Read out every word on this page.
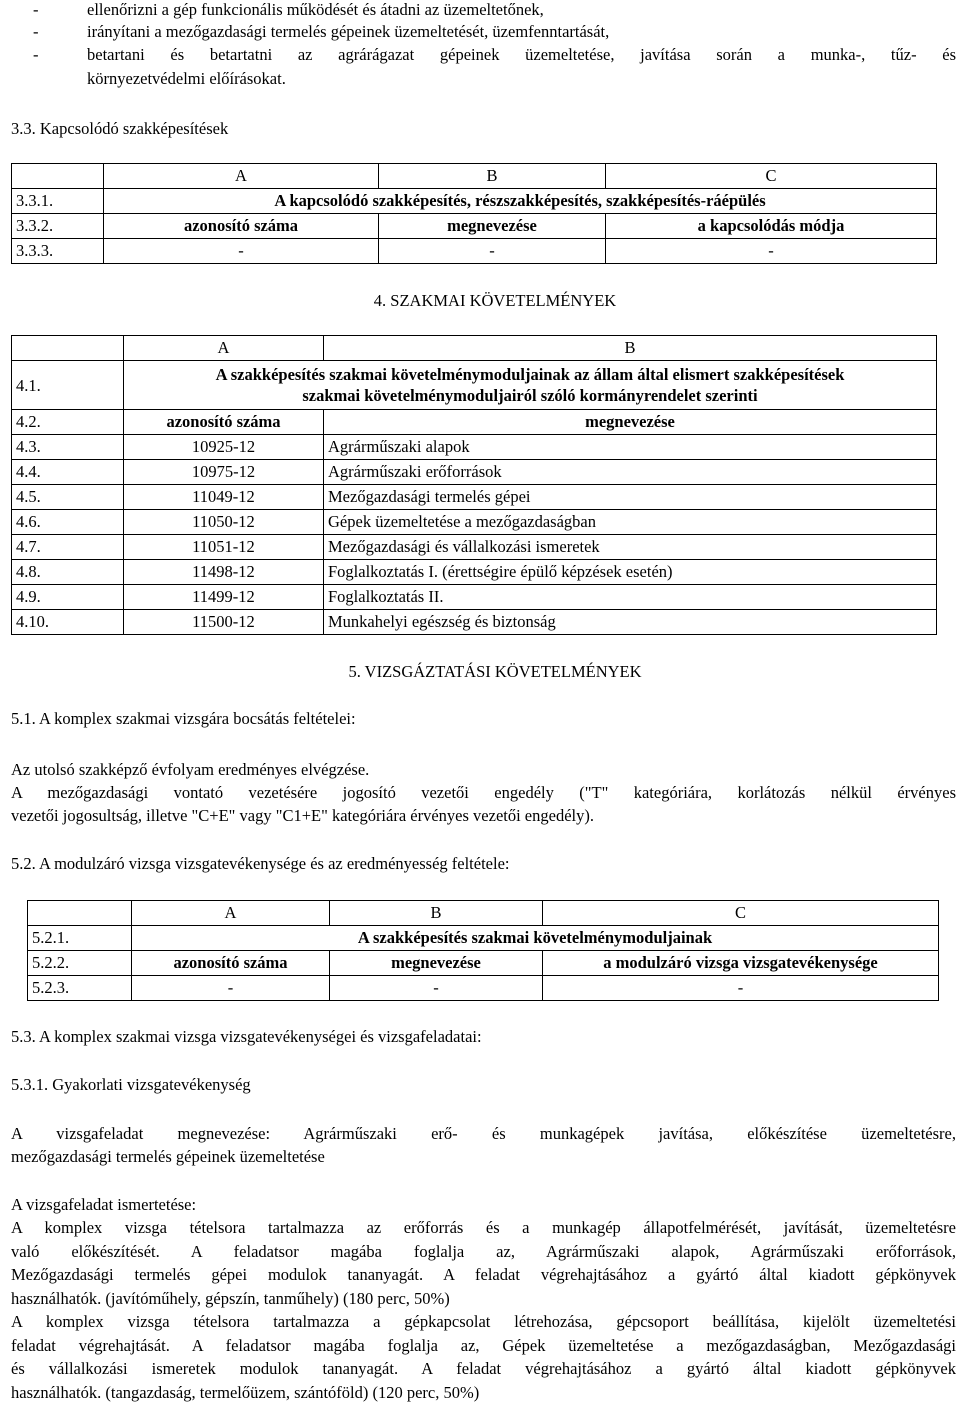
-	ellenőrizni a gép funkcionális működését és átadni az üzemeltetőnek,
-	irányítani a mezőgazdasági termelés gépeinek üzemeltetését, üzemfenntartását,
-	betartani és betartatni az agrárágazat gépeinek üzemeltetése, javítása során a munka-, tűz- és
környezetvédelmi előírásokat.
3.3. Kapcsolódó szakképesítések
	A	B	C
3.3.1.	A kapcsolódó szakképesítés, részszakképesítés, szakképesítés-ráépülés		
3.3.2.	azonosító száma	megnevezése	a kapcsolódás módja
3.3.3.	-	-	-
4. SZAKMAI KÖVETELMÉNYEK
	A	B
4.1.	A szakképesítés szakmai követelménymoduljainak az állam által elismert szakképesítések
szakmai követelménymoduljairól szóló kormányrendelet szerinti	

4.2.	azonosító száma	megnevezése
4.3.	10925-12	Agrárműszaki alapok
4.4.	10975-12	Agrárműszaki erőforrások
4.5.	11049-12	Mezőgazdasági termelés gépei
4.6.	11050-12	Gépek üzemeltetése a mezőgazdaságban
4.7.	11051-12	Mezőgazdasági és vállalkozási ismeretek
4.8.	11498-12	Foglalkoztatás I. (érettségire épülő képzések esetén)
4.9.	11499-12	Foglalkoztatás II.
4.10.	11500-12	Munkahelyi egészség és biztonság
5. VIZSGÁZTATÁSI KÖVETELMÉNYEK
5.1. A komplex szakmai vizsgára bocsátás feltételei:
Az utolsó szakképző évfolyam eredményes elvégzése.
A mezőgazdasági vontató vezetésére jogosító vezetői engedély ("T" kategóriára, korlátozás nélkül érvényes
vezetői jogosultság, illetve "C+E" vagy "C1+E" kategóriára érvényes vezetői engedély).
5.2. A modulzáró vizsga vizsgatevékenysége és az eredményesség feltétele:
	A	B	C
5.2.1.	A szakképesítés szakmai követelménymoduljainak		
5.2.2.	azonosító száma	megnevezése	a modulzáró vizsga vizsgatevékenysége
5.2.3.	-	-	-
5.3. A komplex szakmai vizsga vizsgatevékenységei és vizsgafeladatai:
5.3.1. Gyakorlati vizsgatevékenység
A vizsgafeladat megnevezése: Agrárműszaki erő- és munkagépek javítása, előkészítése üzemeltetésre,
mezőgazdasági termelés gépeinek üzemeltetése
A vizsgafeladat ismertetése:
A komplex vizsga tételsora tartalmazza az erőforrás és a munkagép állapotfelmérését, javítását, üzemeltetésre
való előkészítését. A feladatsor magába foglalja az, Agrárműszaki alapok, Agrárműszaki erőforrások,
Mezőgazdasági termelés gépei modulok tananyagát. A feladat végrehajtásához a gyártó által kiadott gépkönyvek
használhatók. (javítóműhely, gépszín, tanműhely) (180 perc, 50%)
A komplex vizsga tételsora tartalmazza a gépkapcsolat létrehozása, gépcsoport beállítása, kijelölt üzemeltetési
feladat végrehajtását. A feladatsor magába foglalja az, Gépek üzemeltetése a mezőgazdaságban, Mezőgazdasági
és vállalkozási ismeretek modulok tananyagát. A feladat végrehajtásához a gyártó által kiadott gépkönyvek
használhatók. (tangazdaság, termelőüzem, szántóföld) (120 perc, 50%)
